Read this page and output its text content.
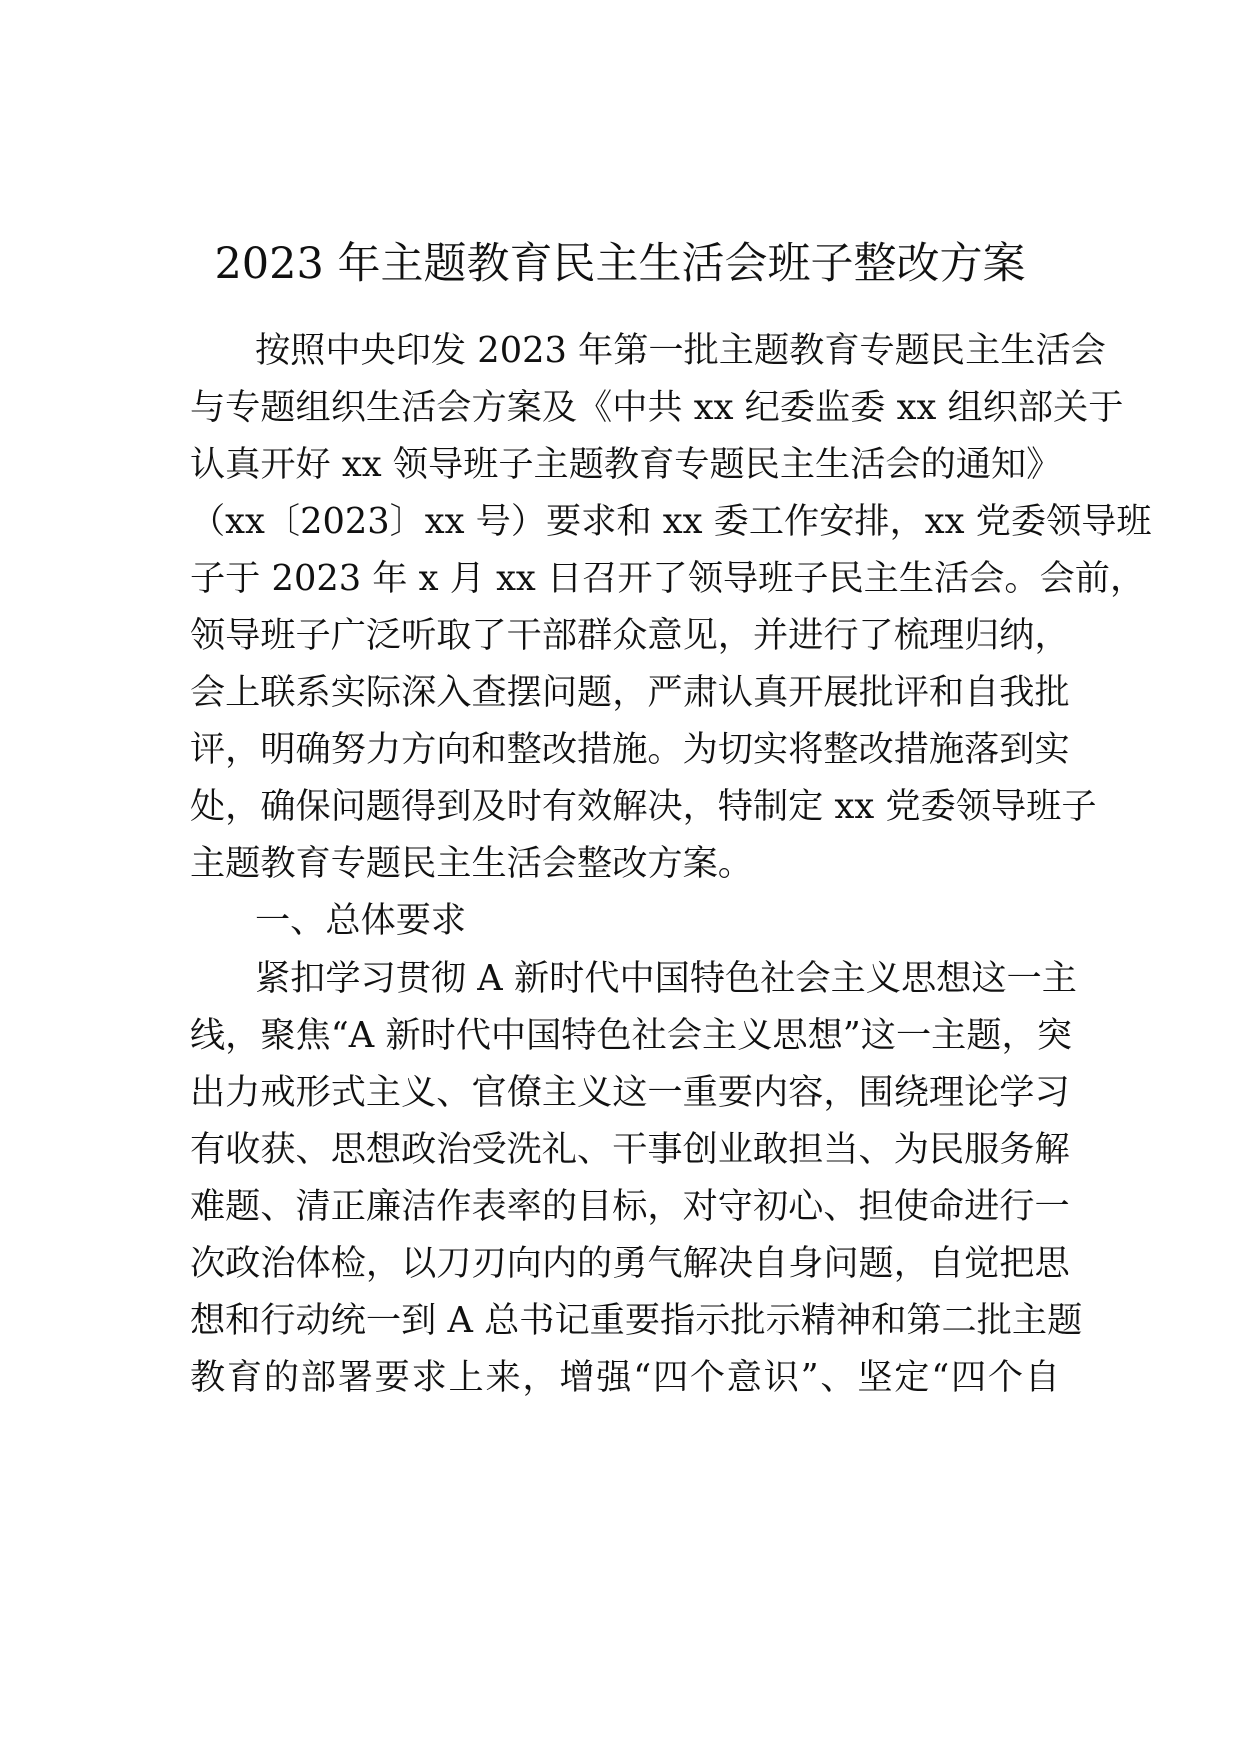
2023 年主题教育民主生活会班子整改方案

按照中央印发 2023 年第一批主题教育专题民主生活会

与专题组织生活会方案及《中共 xx 纪委监委 xx 组织部关于

认真开好 xx 领导班子主题教育专题民主生活会的通知》

（xx〔2023〕xx 号）要求和 xx 委工作安排，xx 党委领导班

子于 2023 年 x 月 xx 日召开了领导班子民主生活会。会前，

领导班子广泛听取了干部群众意见，并进行了梳理归纳，

会上联系实际深入查摆问题，严肃认真开展批评和自我批

评，明确努力方向和整改措施。为切实将整改措施落到实

处，确保问题得到及时有效解决，特制定 xx 党委领导班子

主题教育专题民主生活会整改方案。

一、总体要求

紧扣学习贯彻 A 新时代中国特色社会主义思想这一主

线，聚焦“A 新时代中国特色社会主义思想”这一主题，突

出力戒形式主义、官僚主义这一重要内容，围绕理论学习

有收获、思想政治受洗礼、干事创业敢担当、为民服务解

难题、清正廉洁作表率的目标，对守初心、担使命进行一

次政治体检，以刀刃向内的勇气解决自身问题，自觉把思

想和行动统一到 A 总书记重要指示批示精神和第二批主题

教育的部署要求上来，增强“四个意识”、坚定“四个自
